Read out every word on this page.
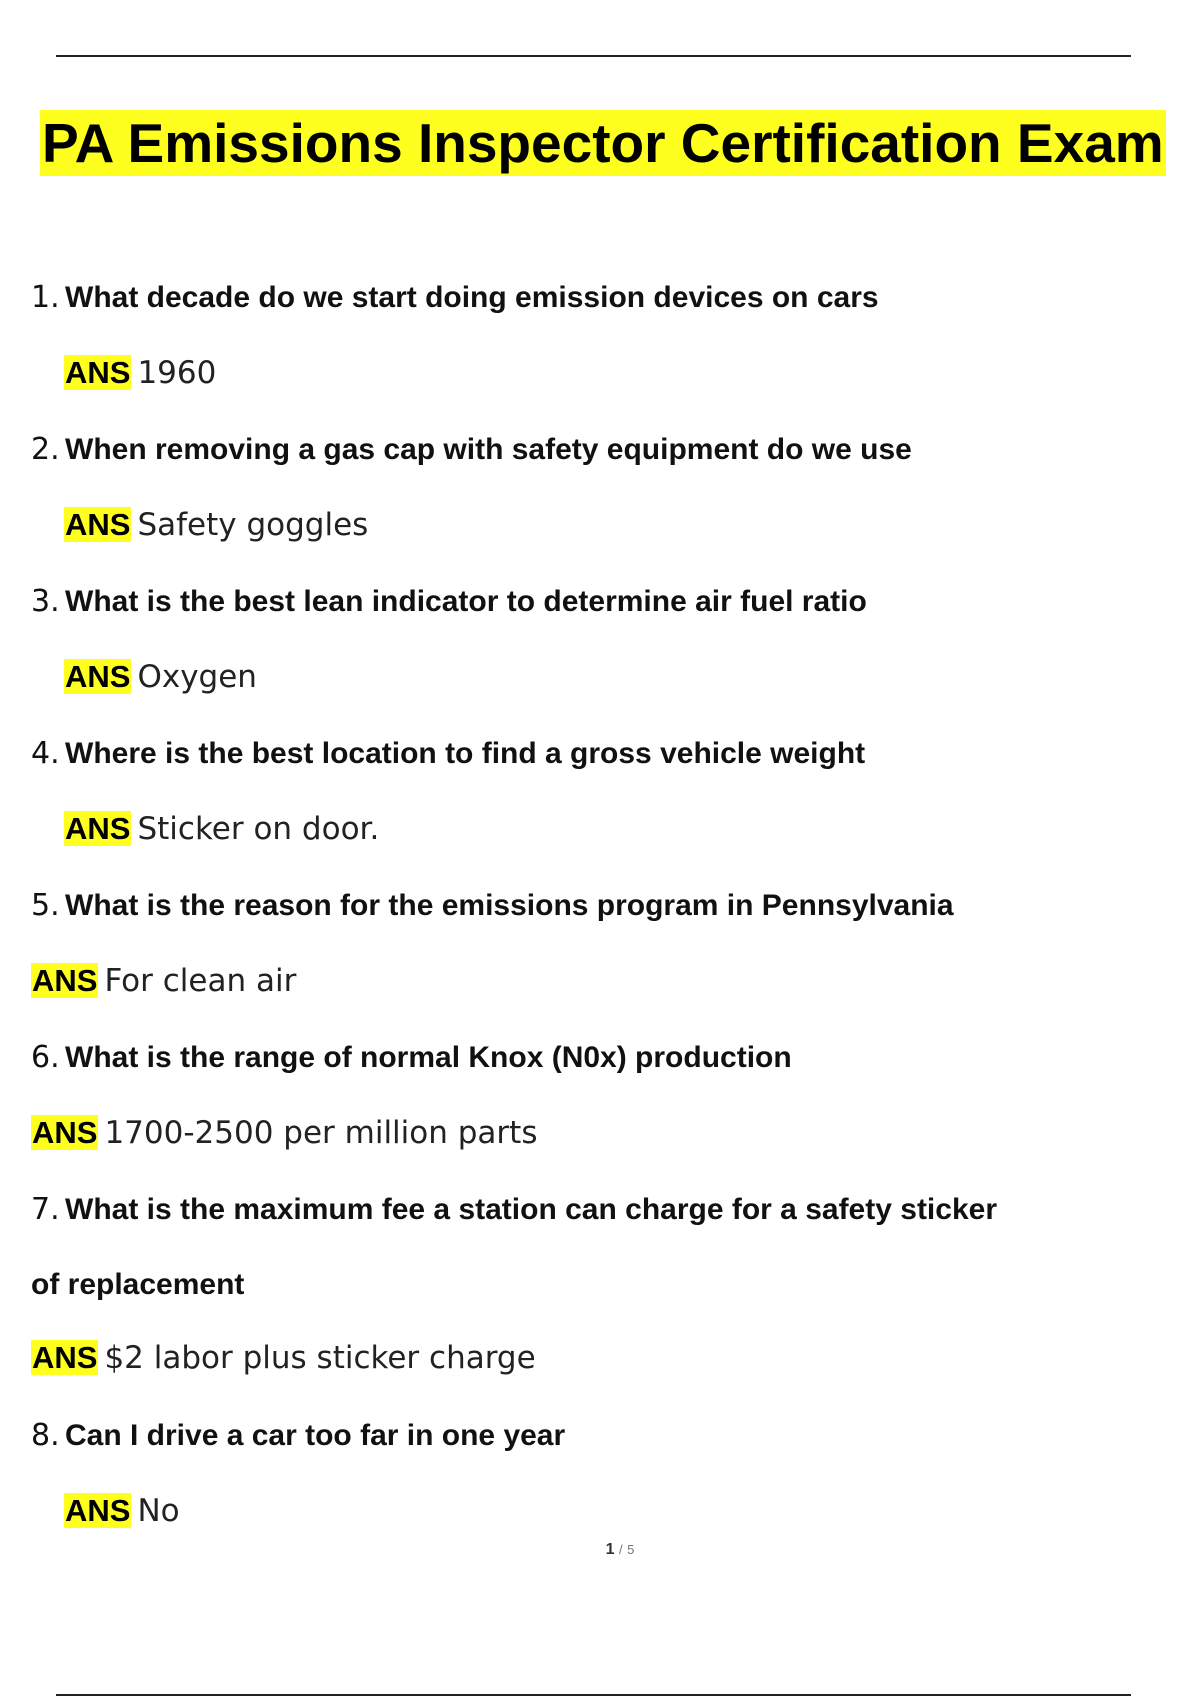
PA Emissions Inspector Certification Exam
1. What decade do we start doing emission devices on cars
ANS 1960
2. When removing a gas cap with safety equipment do we use
ANS Safety goggles
3. What is the best lean indicator to determine air fuel ratio
ANS Oxygen
4. Where is the best location to find a gross vehicle weight
ANS Sticker on door.
5. What is the reason for the emissions program in Pennsylvania
ANS For clean air
6. What is the range of normal Knox (N0x) production
ANS 1700-2500 per million parts
7. What is the maximum fee a station can charge for a safety sticker
of replacement
ANS $2 labor plus sticker charge
8. Can I drive a car too far in one year
ANS No
1 / 5
